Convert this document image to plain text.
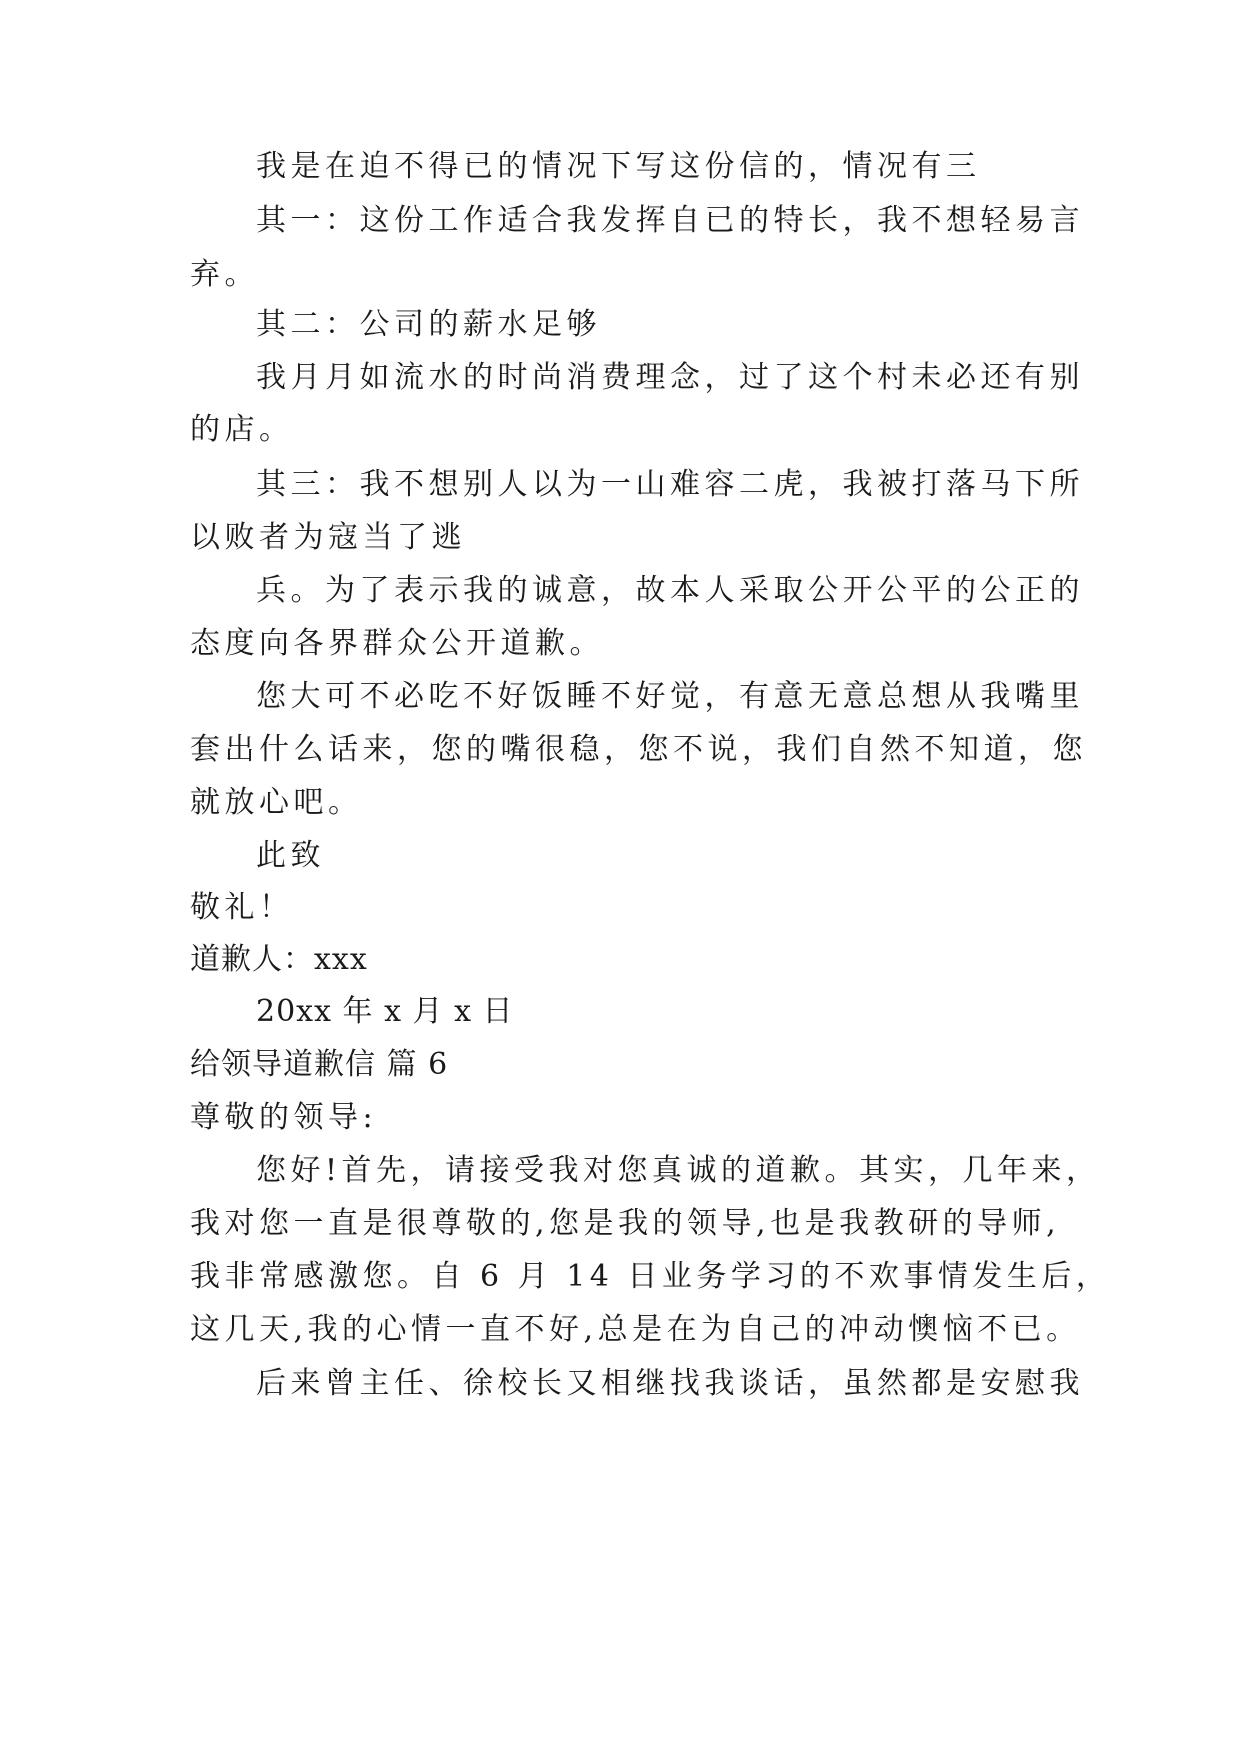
我是在迫不得已的情况下写这份信的，情况有三
其一：这份工作适合我发挥自已的特长，我不想轻易言
弃。
其二：公司的薪水足够
我月月如流水的时尚消费理念，过了这个村未必还有别
的店。
其三：我不想别人以为一山难容二虎，我被打落马下所
以败者为寇当了逃
兵。为了表示我的诚意，故本人采取公开公平的公正的
态度向各界群众公开道歉。
您大可不必吃不好饭睡不好觉，有意无意总想从我嘴里
套出什么话来，您的嘴很稳，您不说，我们自然不知道，您
就放心吧。
此致
敬礼！
道歉人：xxx
20xx 年 x 月 x 日
给领导道歉信 篇 6
尊敬的领导:
您好!首先，请接受我对您真诚的道歉。其实，几年来，
我对您一直是很尊敬的,您是我的领导,也是我教研的导师,
我非常感激您。自 6 月 14 日业务学习的不欢事情发生后，
这几天,我的心情一直不好,总是在为自己的冲动懊恼不已。
后来曾主任、徐校长又相继找我谈话，虽然都是安慰我
